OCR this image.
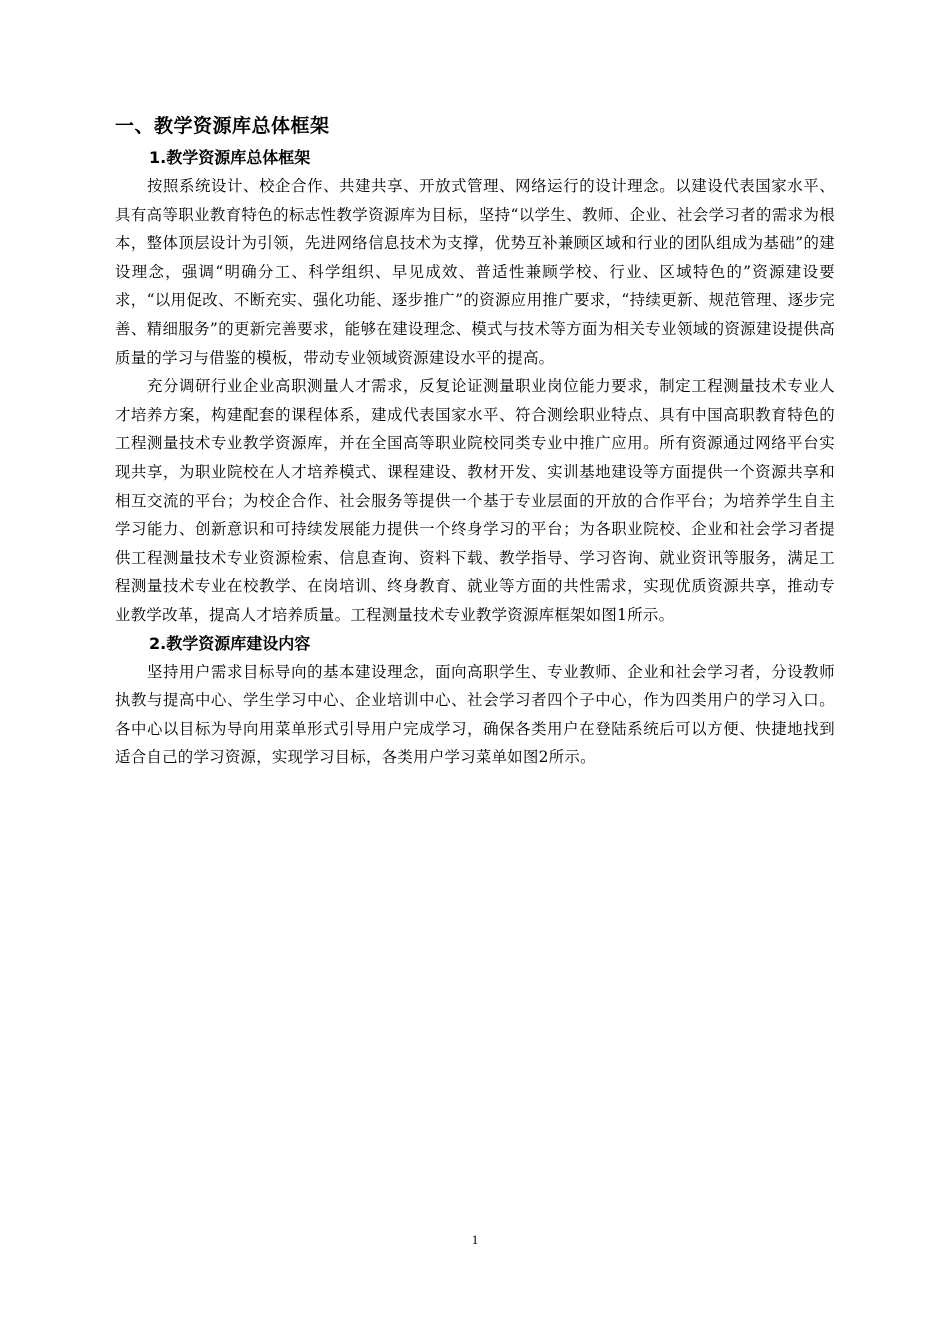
一、教学资源库总体框架
1.教学资源库总体框架

按照系统设计、校企合作、共建共享、开放式管理、网络运行的设计理念。以建设代表国家水平、具有高等职业教育特色的标志性教学资源库为目标，坚持“以学生、教师、企业、社会学习者的需求为根本，整体顶层设计为引领，先进网络信息技术为支撑，优势互补兼顾区域和行业的团队组成为基础”的建设理念，强调“明确分工、科学组织、早见成效、普适性兼顾学校、行业、区域特色的”资源建设要求，“以用促改、不断充实、强化功能、逐步推广”的资源应用推广要求，“持续更新、规范管理、逐步完善、精细服务”的更新完善要求，能够在建设理念、模式与技术等方面为相关专业领域的资源建设提供高质量的学习与借鉴的模板，带动专业领域资源建设水平的提高。

充分调研行业企业高职测量人才需求，反复论证测量职业岗位能力要求，制定工程测量技术专业人才培养方案，构建配套的课程体系，建成代表国家水平、符合测绘职业特点、具有中国高职教育特色的工程测量技术专业教学资源库，并在全国高等职业院校同类专业中推广应用。所有资源通过网络平台实现共享，为职业院校在人才培养模式、课程建设、教材开发、实训基地建设等方面提供一个资源共享和相互交流的平台；为校企合作、社会服务等提供一个基于专业层面的开放的合作平台；为培养学生自主学习能力、创新意识和可持续发展能力提供一个终身学习的平台；为各职业院校、企业和社会学习者提供工程测量技术专业资源检索、信息查询、资料下载、教学指导、学习咨询、就业资讯等服务，满足工程测量技术专业在校教学、在岗培训、终身教育、就业等方面的共性需求，实现优质资源共享，推动专业教学改革，提高人才培养质量。工程测量技术专业教学资源库框架如图1所示。

2.教学资源库建设内容

坚持用户需求目标导向的基本建设理念，面向高职学生、专业教师、企业和社会学习者，分设教师执教与提高中心、学生学习中心、企业培训中心、社会学习者四个子中心，作为四类用户的学习入口。各中心以目标为导向用菜单形式引导用户完成学习，确保各类用户在登陆系统后可以方便、快捷地找到适合自己的学习资源，实现学习目标，各类用户学习菜单如图2所示。

1
